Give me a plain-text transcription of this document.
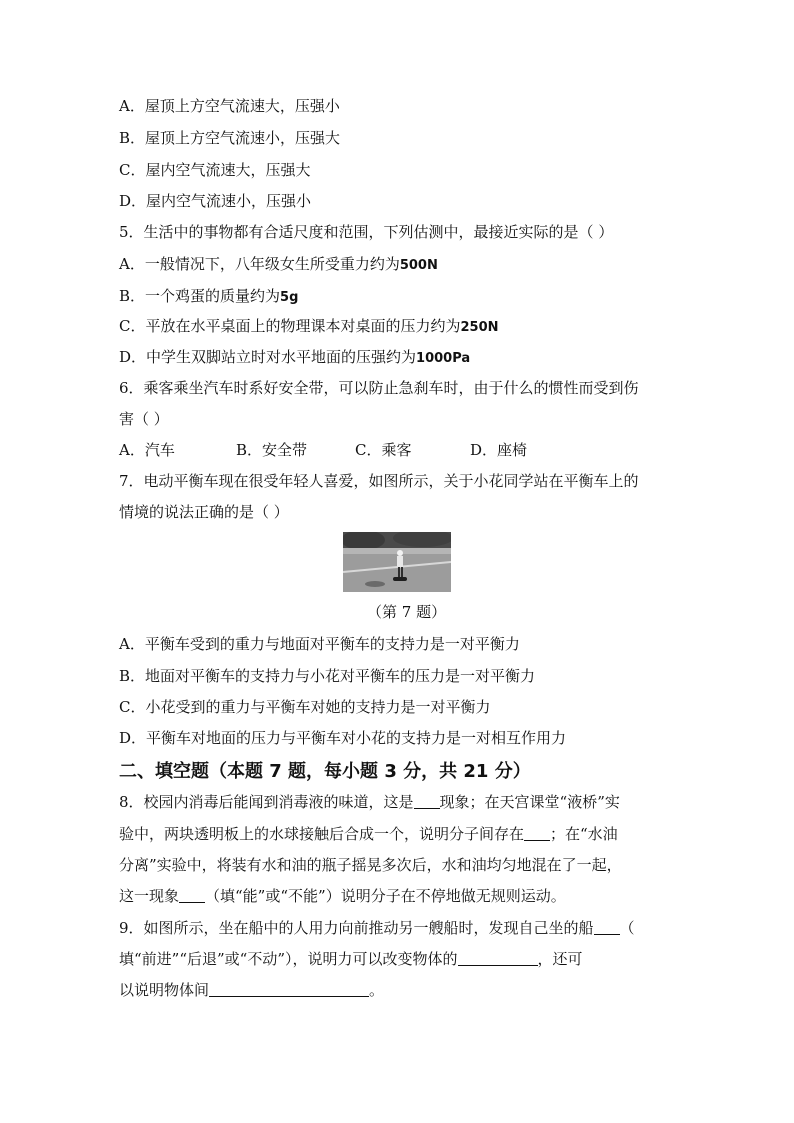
A．屋顶上方空气流速大，压强小
B．屋顶上方空气流速小，压强大
C．屋内空气流速大，压强大
D．屋内空气流速小，压强小
5．生活中的事物都有合适尺度和范围，下列估测中，最接近实际的是（ ）
A．一般情况下，八年级女生所受重力约为500N
B．一个鸡蛋的质量约为5g
C．平放在水平桌面上的物理课本对桌面的压力约为250N
D．中学生双脚站立时对水平地面的压强约为1000Pa
6．乘客乘坐汽车时系好安全带，可以防止急刹车时，由于什么的惯性而受到伤
害（ ）
A．汽车	B．安全带	C．乘客	D．座椅
7．电动平衡车现在很受年轻人喜爱，如图所示，关于小花同学站在平衡车上的
情境的说法正确的是（ ）
（第 7 题）
A．平衡车受到的重力与地面对平衡车的支持力是一对平衡力
B．地面对平衡车的支持力与小花对平衡车的压力是一对平衡力
C．小花受到的重力与平衡车对她的支持力是一对平衡力
D．平衡车对地面的压力与平衡车对小花的支持力是一对相互作用力
二、填空题（本题 7 题，每小题 3 分，共 21 分）
8．校园内消毒后能闻到消毒液的味道，这是 现象；在天宫课堂“液桥”实
验中，两块透明板上的水球接触后合成一个，说明分子间存在 ；在“水油
分离”实验中，将装有水和油的瓶子摇晃多次后，水和油均匀地混在了一起，
这一现象 （填“能”或“不能”）说明分子在不停地做无规则运动。
9．如图所示，坐在船中的人用力向前推动另一艘船时，发现自己坐的船 （
填“前进”“后退”或“不动”），说明力可以改变物体的	，还可
以说明物体间	。
